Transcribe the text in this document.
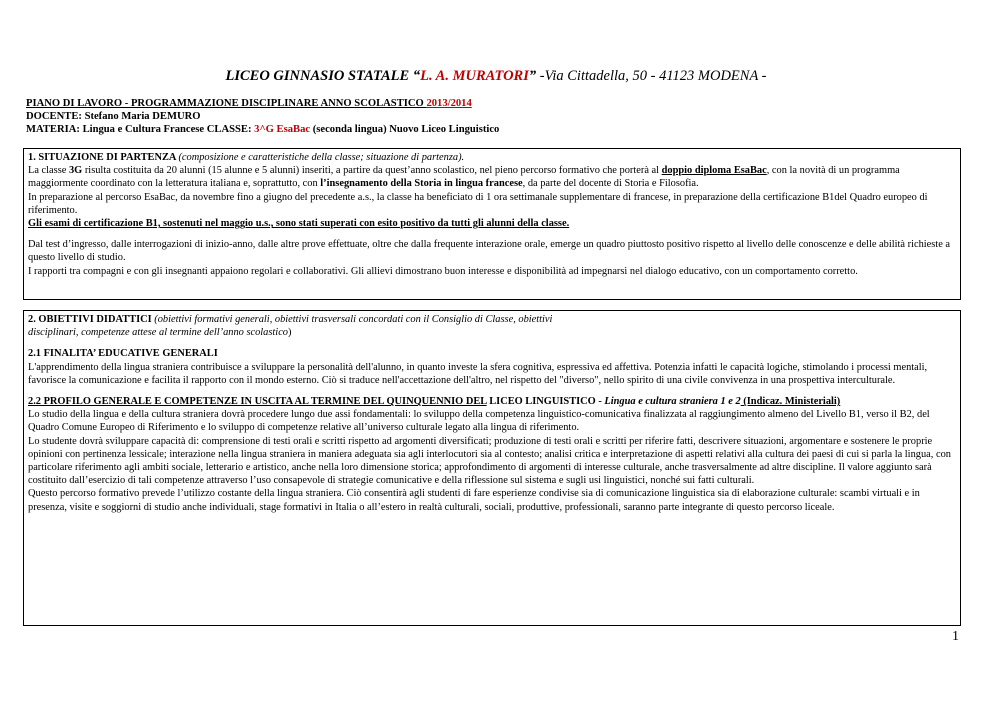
LICEO GINNASIO STATALE “L. A. MURATORI” -Via Cittadella, 50 - 41123 MODENA -
PIANO DI LAVORO - PROGRAMMAZIONE DISCIPLINARE ANNO SCOLASTICO 2013/2014
DOCENTE: Stefano Maria DEMURO
MATERIA: Lingua e Cultura Francese CLASSE: 3^G EsaBac (seconda lingua) Nuovo Liceo Linguistico

1. SITUAZIONE DI PARTENZA (composizione e caratteristiche della classe; situazione di partenza).

La classe 3G risulta costituita da 20 alunni (15 alunne e 5 alunni) inseriti, a partire da quest’anno scolastico, nel pieno percorso formativo che porterà al doppio diploma EsaBac, con la novità di un programma maggiormente coordinato con la letteratura italiana e, soprattutto, con l’insegnamento della Storia in lingua francese, da parte del docente di Storia e Filosofia.

In preparazione al percorso EsaBac, da novembre fino a giugno del precedente a.s., la classe ha beneficiato di 1 ora settimanale supplementare di francese, in preparazione della certificazione B1del Quadro europeo di riferimento.

Gli esami di certificazione B1, sostenuti nel maggio u.s., sono stati superati con esito positivo da tutti gli alunni della classe.

Dal test d’ingresso, dalle interrogazioni di inizio-anno, dalle altre prove effettuate, oltre che dalla frequente interazione orale, emerge un quadro piuttosto positivo rispetto al livello delle conoscenze e delle abilità richieste a questo livello di studio.

I rapporti tra compagni e con gli insegnanti appaiono regolari e collaborativi. Gli allievi dimostrano buon interesse e disponibilità ad impegnarsi nel dialogo educativo, con un comportamento corretto.

2. OBIETTIVI DIDATTICI (obiettivi formativi generali, obiettivi trasversali concordati con il Consiglio di Classe, obiettivi
disciplinari, competenze attese al termine dell’anno scolastico)

2.1 FINALITA’ EDUCATIVE GENERALI

L'apprendimento della lingua straniera contribuisce a sviluppare la personalità dell'alunno, in quanto investe la sfera cognitiva, espressiva ed affettiva. Potenzia infatti le capacità logiche, stimolando i processi mentali, favorisce la comunicazione e facilita il rapporto con il mondo esterno. Ciò si traduce nell'accettazione dell'altro, nel rispetto del "diverso", nello spirito di una civile convivenza in una prospettiva interculturale.

2.2 PROFILO GENERALE E COMPETENZE IN USCITA AL TERMINE DEL QUINQUENNIO DEL LICEO LINGUISTICO - Lingua e cultura straniera 1 e 2 (Indicaz. Ministeriali)

Lo studio della lingua e della cultura straniera dovrà procedere lungo due assi fondamentali: lo sviluppo della competenza linguistico-comunicativa finalizzata al raggiungimento almeno del Livello B1, verso il B2, del Quadro Comune Europeo di Riferimento e lo sviluppo di competenze relative all’universo culturale legato alla lingua di riferimento.

Lo studente dovrà sviluppare capacità di: comprensione di testi orali e scritti rispetto ad argomenti diversificati; produzione di testi orali e scritti per riferire fatti, descrivere situazioni, argomentare e sostenere le proprie opinioni con pertinenza lessicale; interazione nella lingua straniera in maniera adeguata sia agli interlocutori sia al contesto; analisi critica e interpretazione di aspetti relativi alla cultura dei paesi di cui si parla la lingua, con particolare riferimento agli ambiti sociale, letterario e artistico, anche nella loro dimensione storica; approfondimento di argomenti di interesse culturale, anche trasversalmente ad altre discipline. Il valore aggiunto sarà costituito dall’esercizio di tali competenze attraverso l’uso consapevole di strategie comunicative e della riflessione sul sistema e sugli usi linguistici, nonché sui fatti culturali.

Questo percorso formativo prevede l’utilizzo costante della lingua straniera. Ciò consentirà agli studenti di fare esperienze condivise sia di comunicazione linguistica sia di elaborazione culturale: scambi virtuali e in presenza, visite e soggiorni di studio anche individuali, stage formativi in Italia o all’estero in realtà culturali, sociali, produttive, professionali, saranno parte integrante di questo percorso liceale.

1
